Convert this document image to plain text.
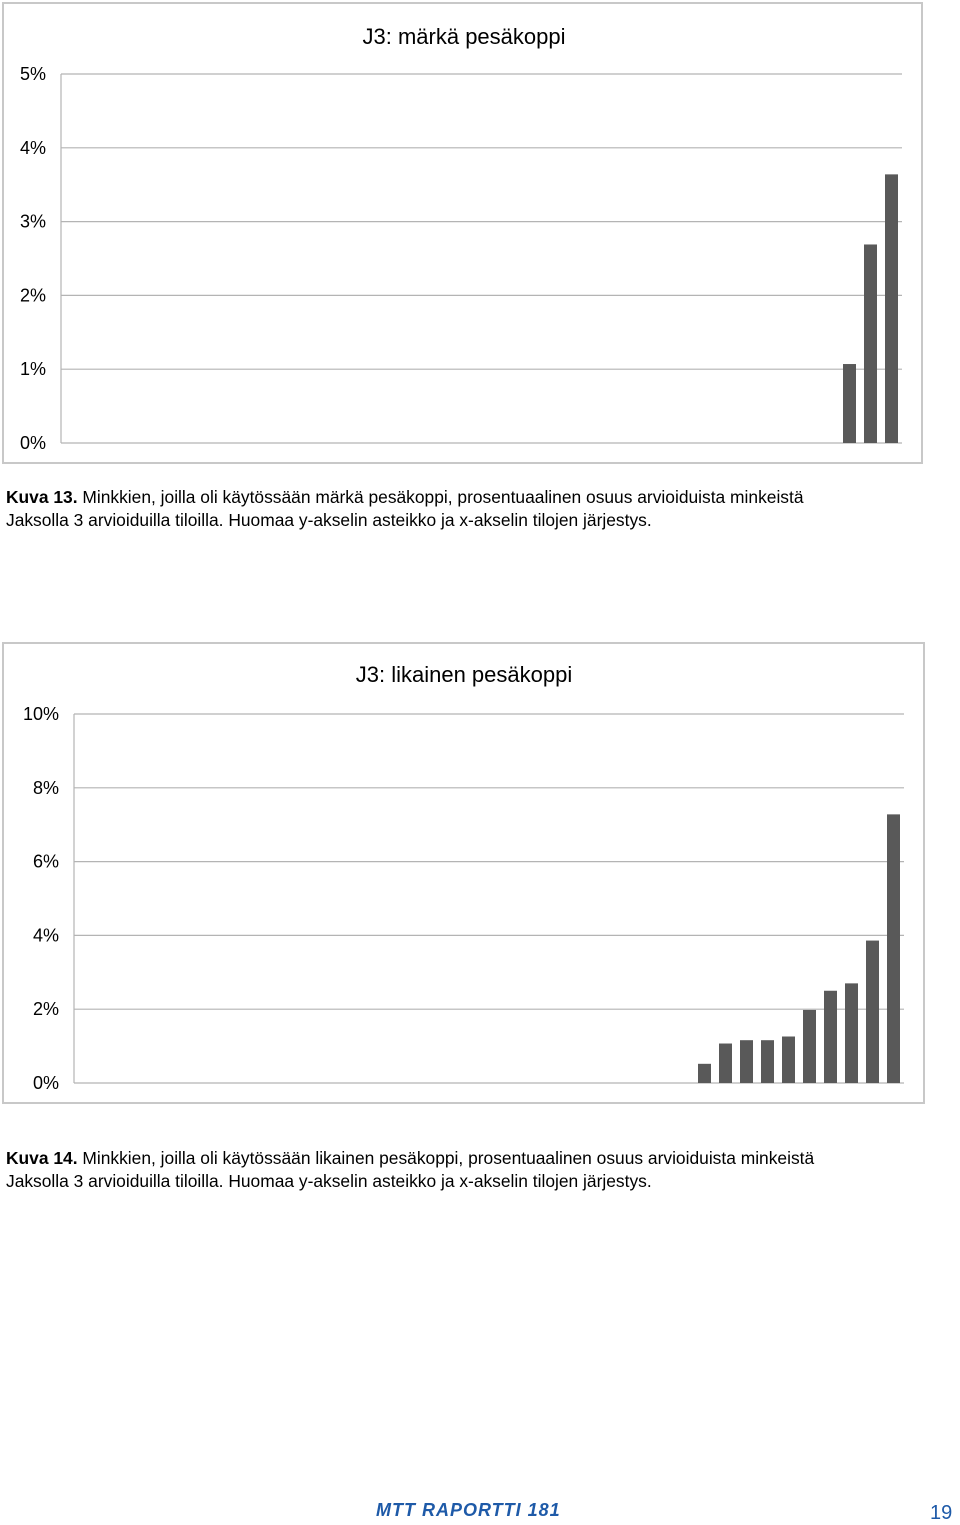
J3: märkä pesäkoppi
0%
1%
2%
3%
4%
5%
Kuva 13. Minkkien, joilla oli käytössään märkä pesäkoppi, prosentuaalinen osuus arvioiduista minkeistä
Jaksolla 3 arvioiduilla tiloilla. Huomaa y-akselin asteikko ja x-akselin tilojen järjestys.
J3: likainen pesäkoppi
0%
2%
4%
6%
8%
10%
Kuva 14. Minkkien, joilla oli käytössään likainen pesäkoppi, prosentuaalinen osuus arvioiduista minkeistä
Jaksolla 3 arvioiduilla tiloilla. Huomaa y-akselin asteikko ja x-akselin tilojen järjestys.
MTT RAPORTTI 181	19
